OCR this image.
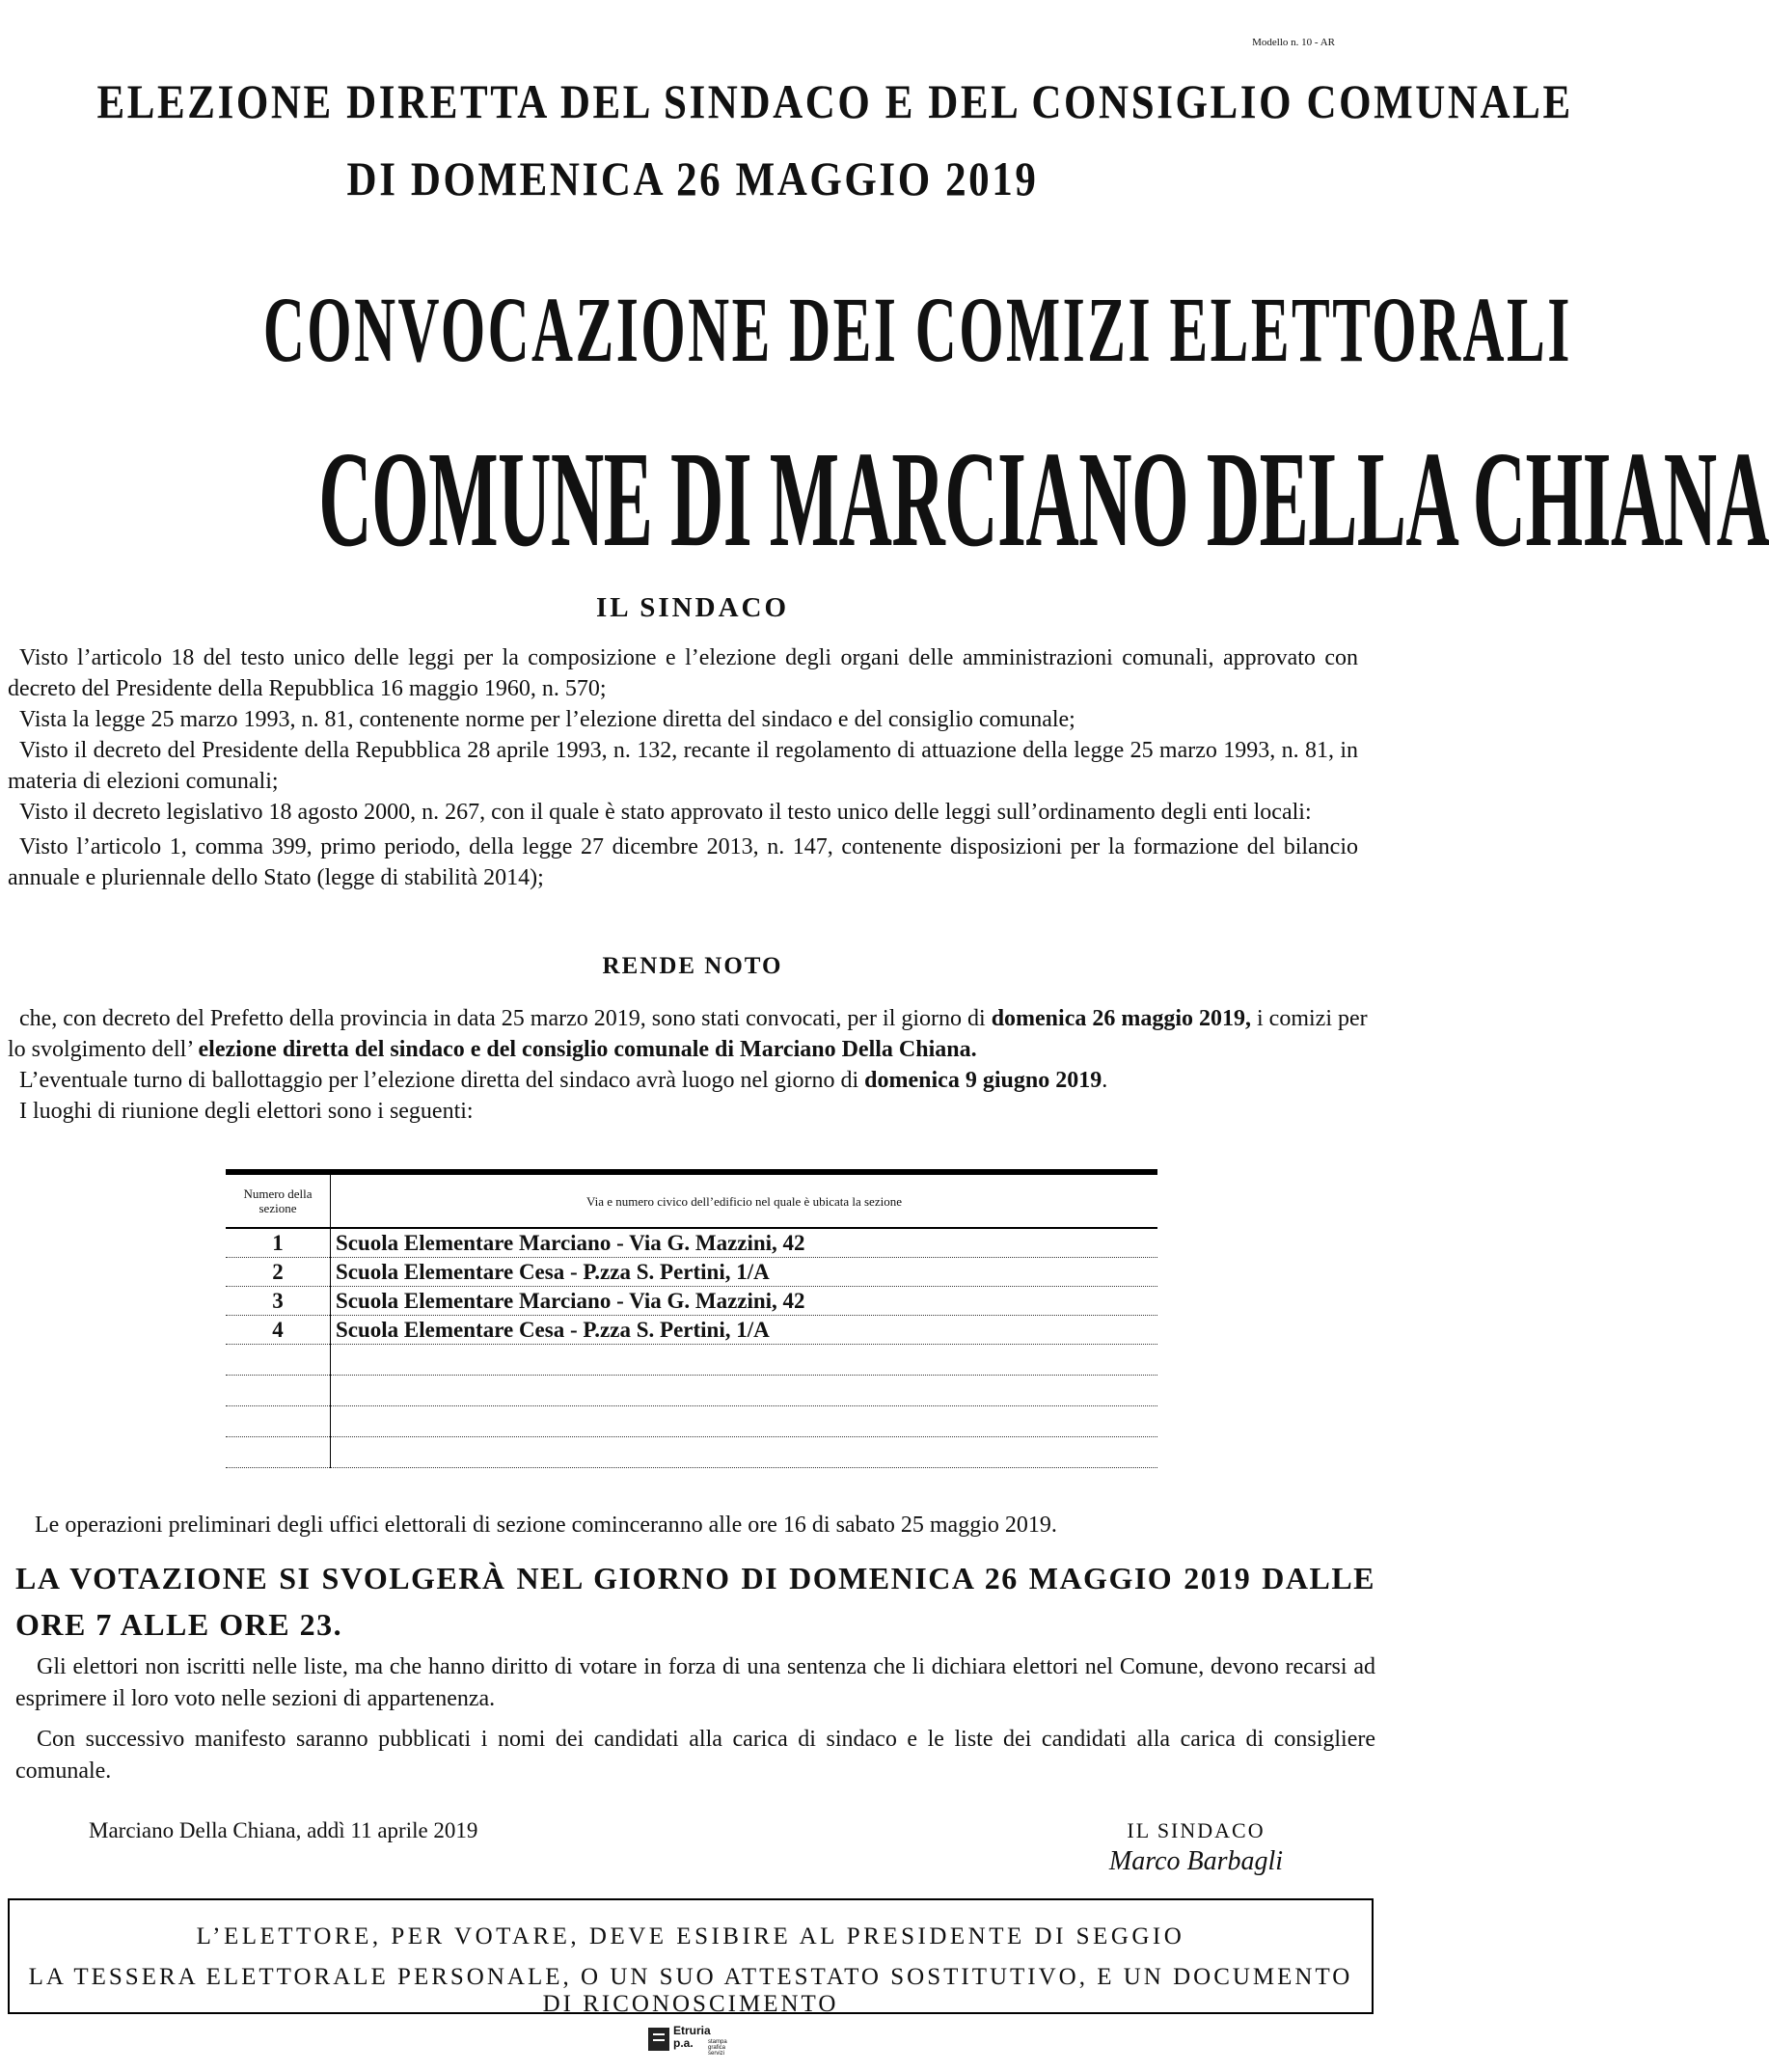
Modello n. 10 - AR
ELEZIONE DIRETTA DEL SINDACO E DEL CONSIGLIO COMUNALE
DI DOMENICA 26 MAGGIO 2019
CONVOCAZIONE DEI COMIZI ELETTORALI
COMUNE DI MARCIANO DELLA CHIANA
IL SINDACO

Visto l’articolo 18 del testo unico delle leggi per la composizione e l’elezione degli organi delle amministrazioni comunali, approvato con decreto del Presidente della Repubblica 16 maggio 1960, n. 570;

Vista la legge 25 marzo 1993, n. 81, contenente norme per l’elezione diretta del sindaco e del consiglio comunale;

Visto il decreto del Presidente della Repubblica 28 aprile 1993, n. 132, recante il regolamento di attuazione della legge 25 marzo 1993, n. 81, in materia di elezioni comunali;

Visto il decreto legislativo 18 agosto 2000, n. 267, con il quale è stato approvato il testo unico delle leggi sull’ordinamento degli enti locali:

Visto l’articolo 1, comma 399, primo periodo, della legge 27 dicembre 2013, n. 147, contenente disposizioni per la formazione del bilancio annuale e pluriennale dello Stato (legge di stabilità 2014);

RENDE NOTO

che, con decreto del Prefetto della provincia in data 25 marzo 2019, sono stati convocati, per il giorno di domenica 26 maggio 2019, i comizi per lo svolgimento dell’ elezione diretta del sindaco e del consiglio comunale di Marciano Della Chiana.

L’eventuale turno di ballottaggio per l’elezione diretta del sindaco avrà luogo nel giorno di domenica 9 giugno 2019.

I luoghi di riunione degli elettori sono i seguenti:

Numero della sezione	Via e numero civico dell’edificio nel quale è ubicata la sezione
1	Scuola Elementare Marciano - Via G. Mazzini, 42
2	Scuola Elementare Cesa - P.zza S. Pertini, 1/A
3	Scuola Elementare Marciano - Via G. Mazzini, 42
4	Scuola Elementare Cesa - P.zza S. Pertini, 1/A

Le operazioni preliminari degli uffici elettorali di sezione cominceranno alle ore 16 di sabato 25 maggio 2019.
LA VOTAZIONE SI SVOLGERÀ NEL GIORNO DI DOMENICA 26 MAGGIO 2019 DALLE ORE 7 ALLE ORE 23.

Gli elettori non iscritti nelle liste, ma che hanno diritto di votare in forza di una sentenza che li dichiara elettori nel Comune, devono recarsi ad esprimere il loro voto nelle sezioni di appartenenza.

Con successivo manifesto saranno pubblicati i nomi dei candidati alla carica di sindaco e le liste dei candidati alla carica di consigliere comunale.

Marciano Della Chiana, addì 11 aprile 2019	IL SINDACO
Marco Barbagli
L’ELETTORE, PER VOTARE, DEVE ESIBIRE AL PRESIDENTE DI SEGGIO
LA TESSERA ELETTORALE PERSONALE, O UN SUO ATTESTATO SOSTITUTIVO, E UN DOCUMENTO DI RICONOSCIMENTO
Etruria
p.a.	stampa grafica servizi
